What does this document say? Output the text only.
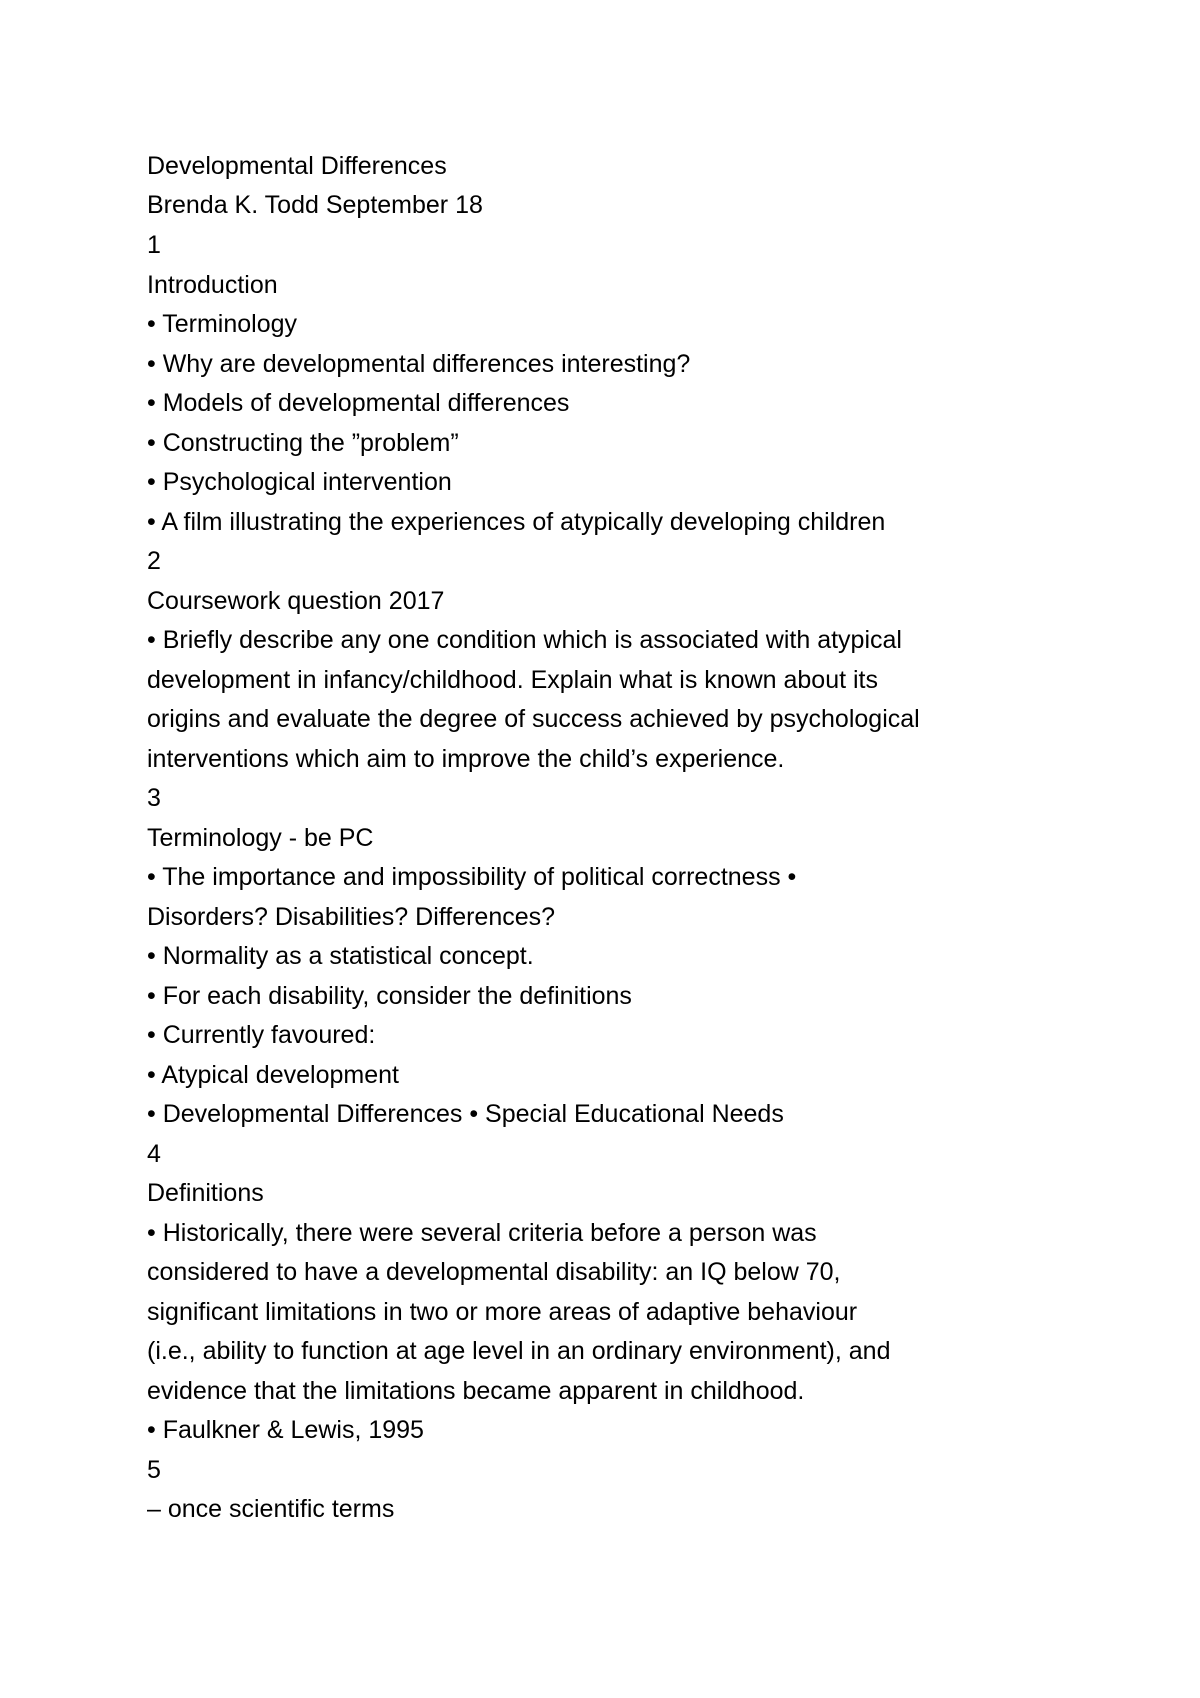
Developmental Differences
Brenda K. Todd September 18
1
Introduction
• Terminology
• Why are developmental differences interesting?
• Models of developmental differences
• Constructing the ”problem”
• Psychological intervention
• A film illustrating the experiences of atypically developing children
2
Coursework question 2017
• Briefly describe any one condition which is associated with atypical
development in infancy/childhood. Explain what is known about its
origins and evaluate the degree of success achieved by psychological
interventions which aim to improve the child’s experience.
3
Terminology - be PC
• The importance and impossibility of political correctness •
Disorders? Disabilities? Differences?
• Normality as a statistical concept.
• For each disability, consider the definitions
• Currently favoured:
• Atypical development
• Developmental Differences • Special Educational Needs
4
Definitions
• Historically, there were several criteria before a person was
considered to have a developmental disability: an IQ below 70,
significant limitations in two or more areas of adaptive behaviour
(i.e., ability to function at age level in an ordinary environment), and
evidence that the limitations became apparent in childhood.
• Faulkner & Lewis, 1995
5
– once scientific terms
